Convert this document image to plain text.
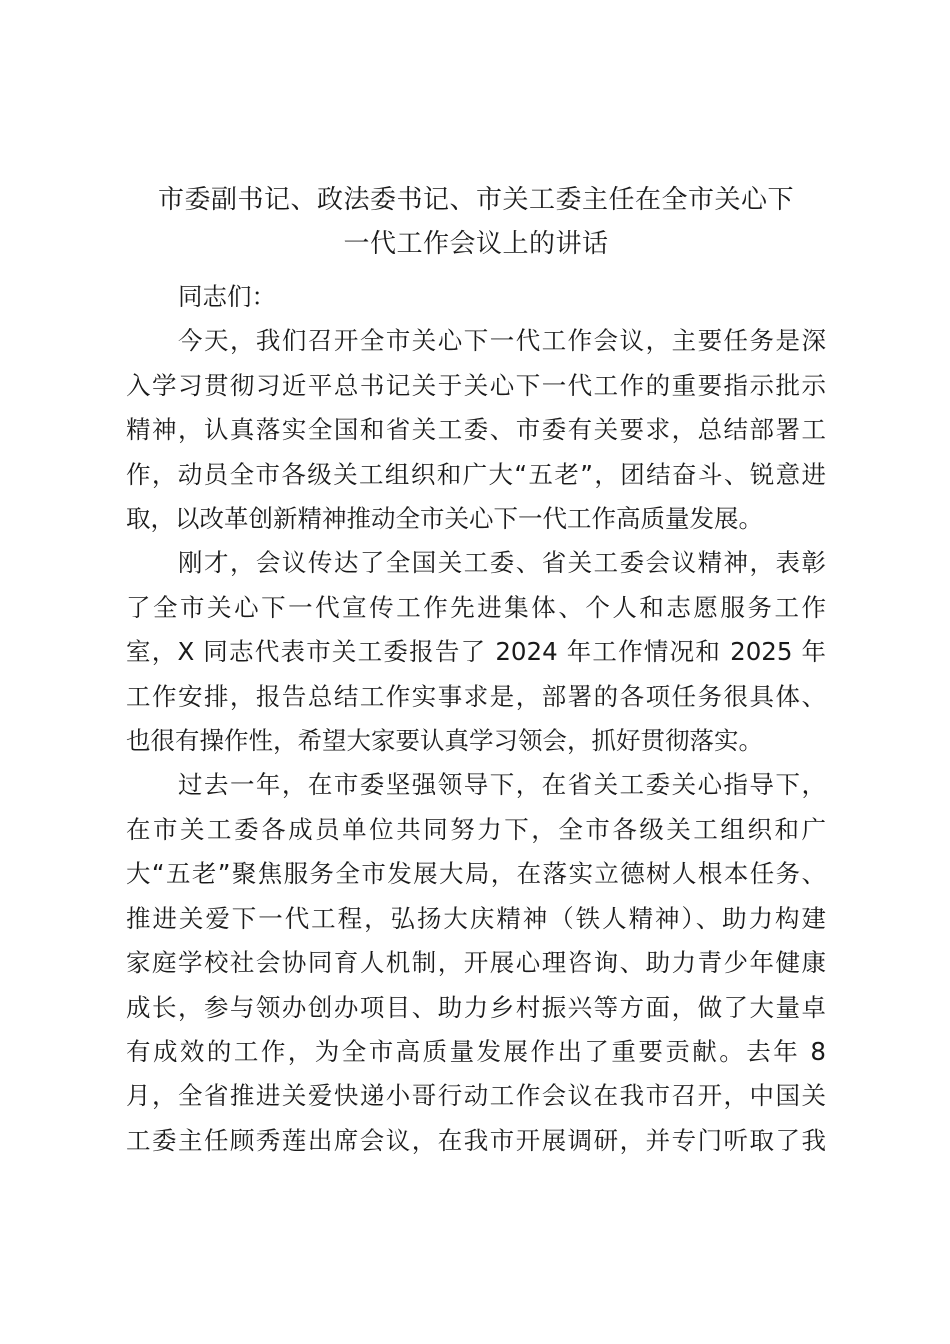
市委副书记、政法委书记、市关工委主任在全市关心下
一代工作会议上的讲话

同志们：

今天，我们召开全市关心下一代工作会议，主要任务是深
入学习贯彻习近平总书记关于关心下一代工作的重要指示批示
精神，认真落实全国和省关工委、市委有关要求，总结部署工
作，动员全市各级关工组织和广大“五老”，团结奋斗、锐意进
取，以改革创新精神推动全市关心下一代工作高质量发展。

刚才，会议传达了全国关工委、省关工委会议精神，表彰
了全市关心下一代宣传工作先进集体、个人和志愿服务工作
室，X 同志代表市关工委报告了 2024 年工作情况和 2025 年
工作安排，报告总结工作实事求是，部署的各项任务很具体、
也很有操作性，希望大家要认真学习领会，抓好贯彻落实。

过去一年，在市委坚强领导下，在省关工委关心指导下，
在市关工委各成员单位共同努力下，全市各级关工组织和广
大“五老”聚焦服务全市发展大局，在落实立德树人根本任务、
推进关爱下一代工程，弘扬大庆精神（铁人精神）、助力构建
家庭学校社会协同育人机制，开展心理咨询、助力青少年健康
成长，参与领办创办项目、助力乡村振兴等方面，做了大量卓
有成效的工作，为全市高质量发展作出了重要贡献。去年 8
月，全省推进关爱快递小哥行动工作会议在我市召开，中国关
工委主任顾秀莲出席会议，在我市开展调研，并专门听取了我
